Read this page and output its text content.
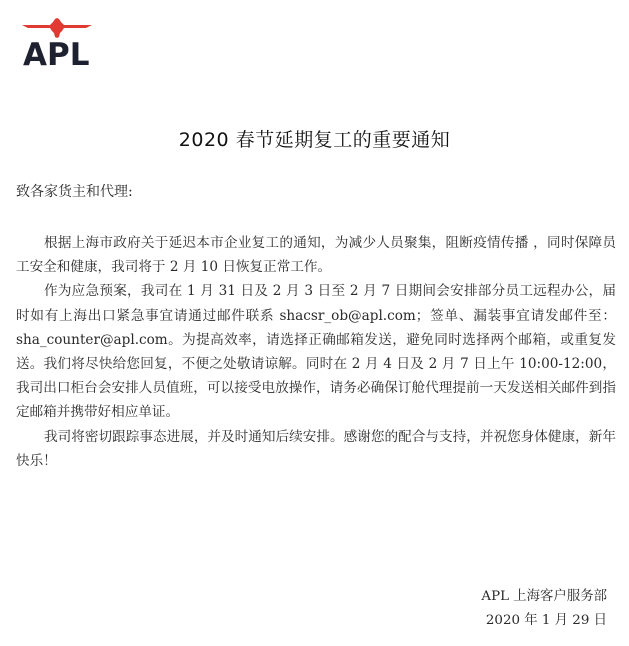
APL
2020 春节延期复工的重要通知
致各家货主和代理:

根据上海市政府关于延迟本市企业复工的通知，为减少人员聚集，阻断疫情传播 ，同时保障员工安全和健康，我司将于 2 月 10 日恢复正常工作。

作为应急预案，我司在 1 月 31 日及 2 月 3 日至 2 月 7 日期间会安排部分员工远程办公，届时如有上海出口紧急事宜请通过邮件联系 shacsr_ob@apl.com；签单、漏装事宜请发邮件至：sha_counter@apl.com。为提高效率，请选择正确邮箱发送，避免同时选择两个邮箱，或重复发送。我们将尽快给您回复，不便之处敬请谅解。同时在 2 月 4 日及 2 月 7 日上午 10:00-12:00，我司出口柜台会安排人员值班，可以接受电放操作，请务必确保订舱代理提前一天发送相关邮件到指定邮箱并携带好相应单证。

我司将密切跟踪事态进展，并及时通知后续安排。感谢您的配合与支持，并祝您身体健康，新年快乐！

APL 上海客户服务部
2020 年 1 月 29 日
